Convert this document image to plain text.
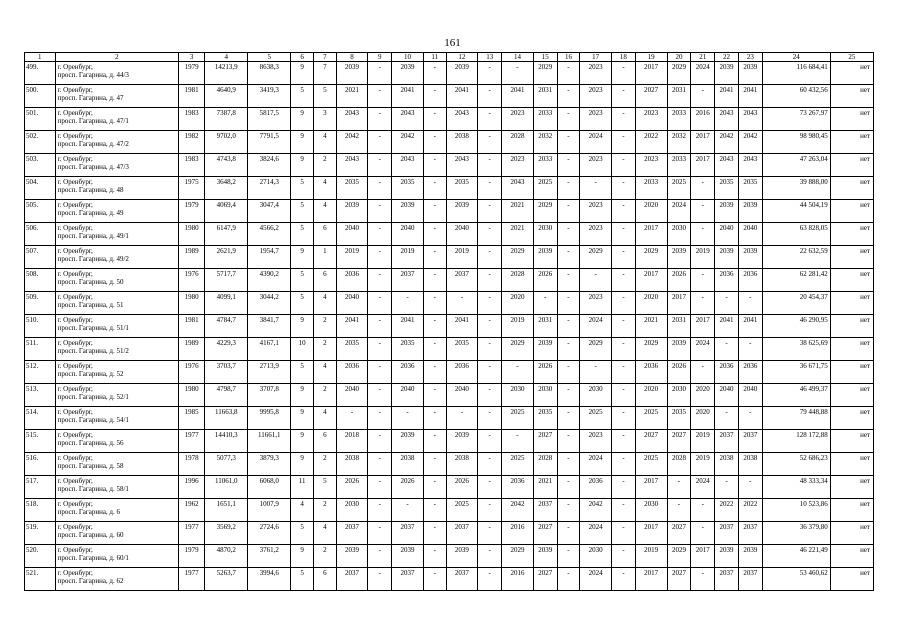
161
1	2	3	4	5	6	7	8	9	10	11	12	13	14	15	16	17	18	19	20	21	22	23	24	25
499.	г. Оренбург,
просп. Гагарина, д. 44/3	1979	14213,9	8638,3	9	7	2039	-	2039	-	2039	-	-	2029	-	2023	-	2017	2029	2024	2039	2039	116 684,41	нет
500.	г. Оренбург,
просп. Гагарина, д. 47	1981	4640,9	3419,3	5	5	2021	-	2041	-	2041	-	2041	2031	-	2023	-	2027	2031	-	2041	2041	60 432,56	нет
501.	г. Оренбург,
просп. Гагарина, д. 47/1	1983	7387,8	5817,5	9	3	2043	-	2043	-	2043	-	2023	2033	-	2023	-	2023	2033	2016	2043	2043	73 267,97	нет
502.	г. Оренбург,
просп. Гагарина, д. 47/2	1982	9702,0	7791,5	9	4	2042	-	2042	-	2038	-	2028	2032	-	2024	-	2022	2032	2017	2042	2042	98 980,45	нет
503.	г. Оренбург,
просп. Гагарина, д. 47/3	1983	4743,8	3824,6	9	2	2043	-	2043	-	2043	-	2023	2033	-	2023	-	2023	2033	2017	2043	2043	47 263,04	нет
504.	г. Оренбург,
просп. Гагарина, д. 48	1975	3648,2	2714,3	5	4	2035	-	2035	-	2035	-	2043	2025	-	-	-	2033	2025	-	2035	2035	39 888,00	нет
505.	г. Оренбург,
просп. Гагарина, д. 49	1979	4069,4	3047,4	5	4	2039	-	2039	-	2039	-	2021	2029	-	2023	-	2020	2024	-	2039	2039	44 504,19	нет
506.	г. Оренбург,
просп. Гагарина, д. 49/1	1980	6147,9	4566,2	5	6	2040	-	2040	-	2040	-	2021	2030	-	2023	-	2017	2030	-	2040	2040	63 828,05	нет
507.	г. Оренбург,
просп. Гагарина, д. 49/2	1989	2621,9	1954,7	9	1	2019	-	2019	-	2019	-	2029	2039	-	2029	-	2029	2039	2019	2039	2039	22 632,59	нет
508.	г. Оренбург,
просп. Гагарина, д. 50	1976	5717,7	4390,2	5	6	2036	-	2037	-	2037	-	2028	2026	-	-	-	2017	2026	-	2036	2036	62 281,42	нет
509.	г. Оренбург,
просп. Гагарина, д. 51	1980	4099,1	3044,2	5	4	2040	-	-	-	-	-	2020	-	-	2023	-	2020	2017	-	-	-	20 454,37	нет
510.	г. Оренбург,
просп. Гагарина, д. 51/1	1981	4784,7	3841,7	9	2	2041	-	2041	-	2041	-	2019	2031	-	2024	-	2021	2031	2017	2041	2041	46 290,95	нет
511.	г. Оренбург,
просп. Гагарина, д. 51/2	1989	4229,3	4167,1	10	2	2035	-	2035	-	2035	-	2029	2039	-	2029	-	2029	2039	2024	-	-	38 625,69	нет
512.	г. Оренбург,
просп. Гагарина, д. 52	1976	3703,7	2713,9	5	4	2036	-	2036	-	2036	-	-	2026	-	-	-	2036	2026	-	2036	2036	36 671,75	нет
513.	г. Оренбург,
просп. Гагарина, д. 52/1	1980	4798,7	3707,8	9	2	2040	-	2040	-	2040	-	2030	2030	-	2030	-	2020	2030	2020	2040	2040	46 499,37	нет
514.	г. Оренбург,
просп. Гагарина, д. 54/1	1985	11663,8	9995,8	9	4	-	-	-	-	-	-	2025	2035	-	2025	-	2025	2035	2020	-	-	79 448,88	нет
515.	г. Оренбург,
просп. Гагарина, д. 56	1977	14410,3	11661,1	9	6	2018	-	2039	-	2039	-	-	2027	-	2023	-	2027	2027	2019	2037	2037	128 172,88	нет
516.	г. Оренбург,
просп. Гагарина, д. 58	1978	5077,3	3879,3	9	2	2038	-	2038	-	2038	-	2025	2028	-	2024	-	2025	2028	2019	2038	2038	52 686,23	нет
517.	г. Оренбург,
просп. Гагарина, д. 58/1	1996	11061,0	6068,0	11	5	2026	-	2026	-	2026	-	2036	2021	-	2036	-	2017	-	2024	-	-	48 333,34	нет
518.	г. Оренбург,
просп. Гагарина, д. 6	1962	1651,1	1007,9	4	2	2030	-	-	-	2025	-	2042	2037	-	2042	-	2030	-	-	2022	2022	10 523,86	нет
519.	г. Оренбург,
просп. Гагарина, д. 60	1977	3569,2	2724,6	5	4	2037	-	2037	-	2037	-	2016	2027	-	2024	-	2017	2027	-	2037	2037	36 379,80	нет
520.	г. Оренбург,
просп. Гагарина, д. 60/1	1979	4870,2	3761,2	9	2	2039	-	2039	-	2039	-	2029	2039	-	2030	-	2019	2029	2017	2039	2039	46 221,49	нет
521.	г. Оренбург,
просп. Гагарина, д. 62	1977	5263,7	3994,6	5	6	2037	-	2037	-	2037	-	2016	2027	-	2024	-	2017	2027	-	2037	2037	53 460,62	нет
